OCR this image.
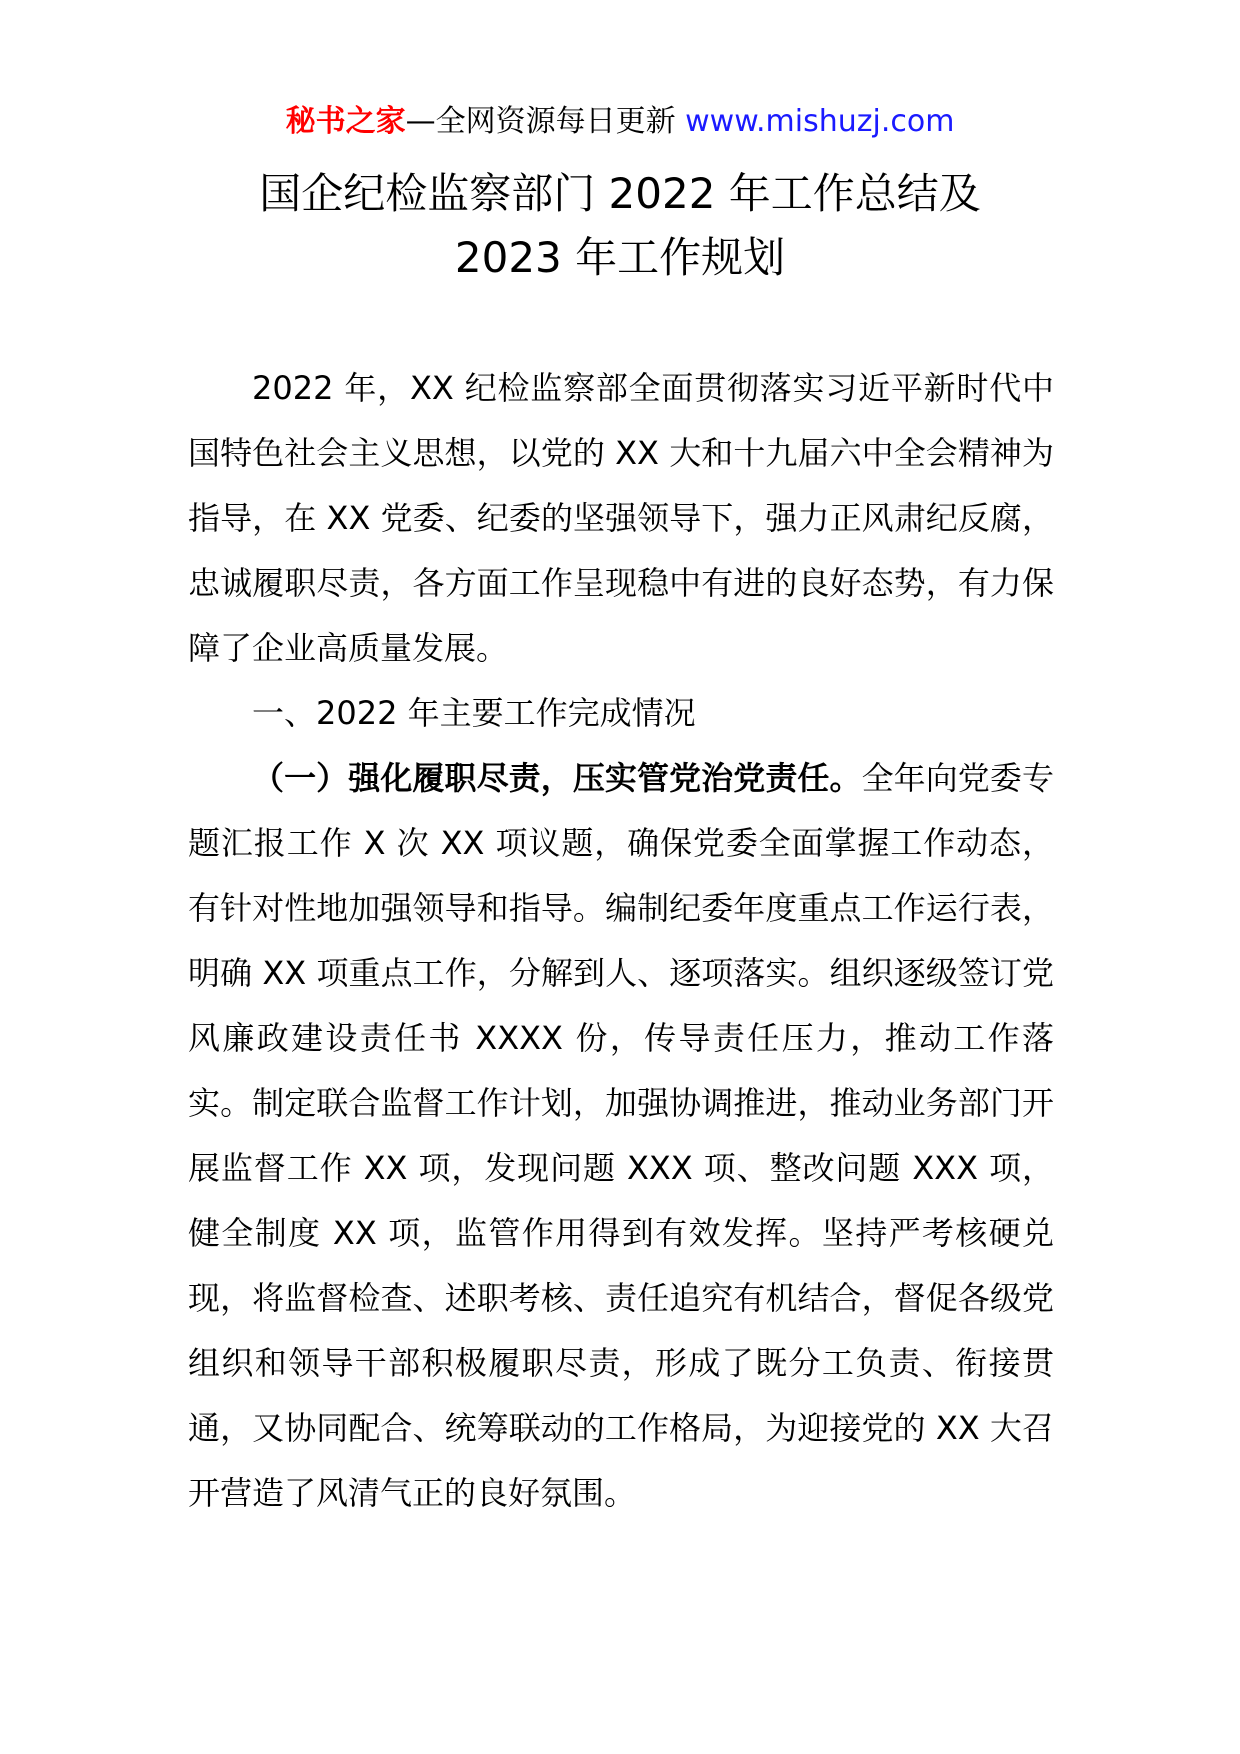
秘书之家—全网资源每日更新 www.mishuzj.com
国企纪检监察部门 2022 年工作总结及
2023 年工作规划

2022 年，XX 纪检监察部全面贯彻落实习近平新时代中国特色社会主义思想，以党的 XX 大和十九届六中全会精神为指导，在 XX 党委、纪委的坚强领导下，强力正风肃纪反腐，忠诚履职尽责，各方面工作呈现稳中有进的良好态势，有力保障了企业高质量发展。

一、2022 年主要工作完成情况

（一）强化履职尽责，压实管党治党责任。全年向党委专题汇报工作 X 次 XX 项议题，确保党委全面掌握工作动态，有针对性地加强领导和指导。编制纪委年度重点工作运行表，明确 XX 项重点工作，分解到人、逐项落实。组织逐级签订党风廉政建设责任书 XXXX 份，传导责任压力，推动工作落实。制定联合监督工作计划，加强协调推进，推动业务部门开展监督工作 XX 项，发现问题 XXX 项、整改问题 XXX 项，健全制度 XX 项，监管作用得到有效发挥。坚持严考核硬兑现，将监督检查、述职考核、责任追究有机结合，督促各级党组织和领导干部积极履职尽责，形成了既分工负责、衔接贯通，又协同配合、统筹联动的工作格局，为迎接党的 XX 大召开营造了风清气正的良好氛围。
